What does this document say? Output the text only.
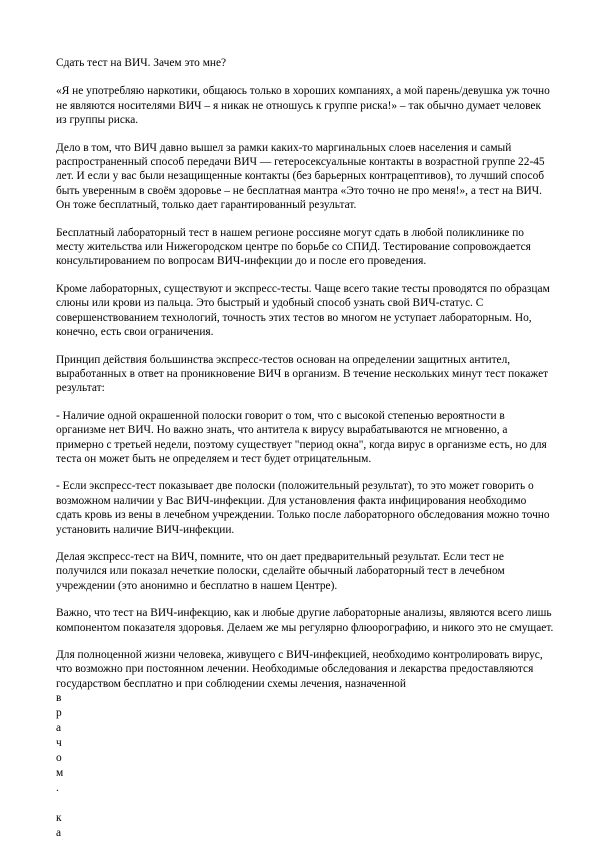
Сдать тест на ВИЧ. Зачем это мне?

«Я не употребляю наркотики, общаюсь только в хороших компаниях, а мой парень/девушка уж точно не являются носителями ВИЧ – я никак не отношусь к группе риска!» – так обычно думает человек из группы риска.

Дело в том, что ВИЧ давно вышел за рамки каких-то маргинальных слоев населения и самый распространенный способ передачи ВИЧ — гетеросексуальные контакты в возрастной группе 22-45 лет. И если у вас были незащищенные контакты (без барьерных контрацептивов), то лучший способ быть уверенным в своём здоровье – не бесплатная мантра «Это точно не про меня!», а тест на ВИЧ. Он тоже бесплатный, только дает гарантированный результат.

Бесплатный лабораторный тест в нашем регионе россияне могут сдать в любой поликлинике по месту жительства или Нижегородском центре по борьбе со СПИД. Тестирование сопровождается консультированием по вопросам ВИЧ-инфекции до и после его проведения.

Кроме лабораторных, существуют и экспресс-тесты. Чаще всего такие тесты проводятся по образцам слюны или крови из пальца. Это быстрый и удобный способ узнать свой ВИЧ-статус. С совершенствованием технологий, точность этих тестов во многом не уступает лабораторным. Но, конечно, есть свои ограничения.

Принцип действия большинства экспресс-тестов основан на определении защитных антител, выработанных в ответ на проникновение ВИЧ в организм. В течение нескольких минут тест покажет результат:

- Наличие одной окрашенной полоски говорит о том, что с высокой степенью вероятности в организме нет ВИЧ. Но важно знать, что антитела к вирусу вырабатываются не мгновенно, а примерно с третьей недели, поэтому существует "период окна", когда вирус в организме есть, но для теста он может быть не определяем и тест будет отрицательным.

- Если экспресс-тест показывает две полоски (положительный результат), то это может говорить о возможном наличии у Вас ВИЧ-инфекции. Для установления факта инфицирования необходимо сдать кровь из вены в лечебном учреждении. Только после лабораторного обследования можно точно установить наличие ВИЧ-инфекции.

Делая экспресс-тест на ВИЧ, помните, что он дает предварительный результат. Если тест не получился или показал нечеткие полоски, сделайте обычный лабораторный тест в лечебном учреждении (это анонимно и бесплатно в нашем Центре).

Важно, что тест на ВИЧ-инфекцию, как и любые другие лабораторные анализы, являются всего лишь компонентом показателя здоровья. Делаем же мы регулярно флюорографию, и никого это не смущает.

Для полноценной жизни человека, живущего с ВИЧ-инфекцией, необходимо контролировать вирус, что возможно при постоянном лечении. Необходимые обследования и лекарства предоставляются государством бесплатно и при соблюдении схемы лечения, назначенной

в
р
а
ч
о
м
.
к
а
